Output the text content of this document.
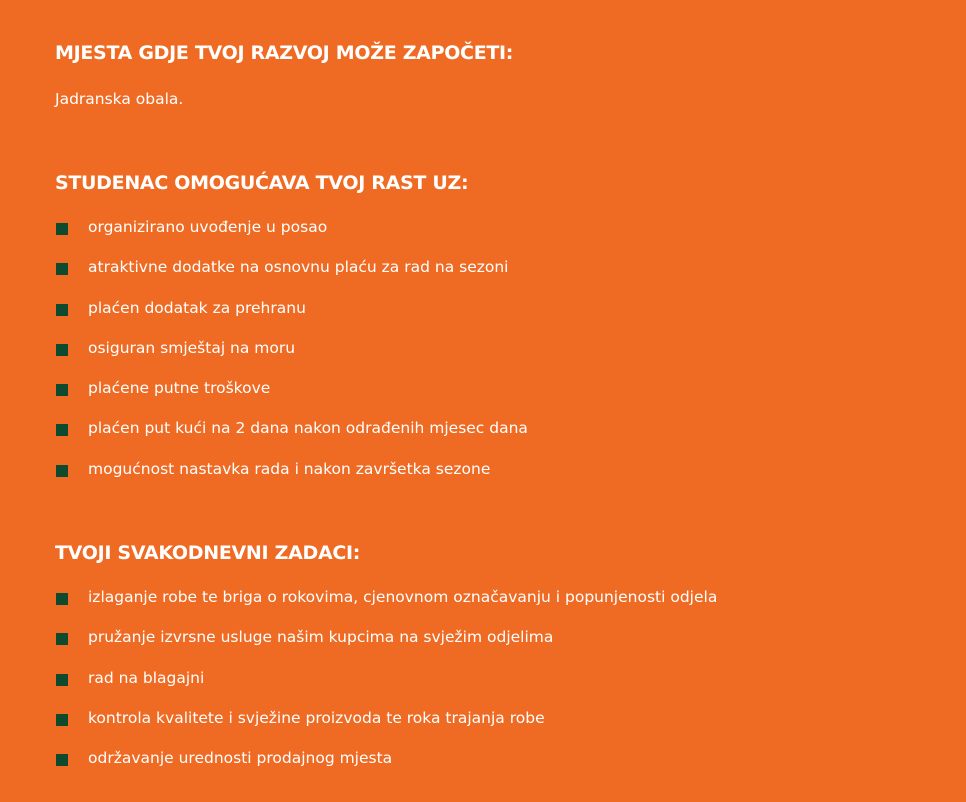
MJESTA GDJE TVOJ RAZVOJ MOŽE ZAPOČETI:

Jadranska obala.

STUDENAC OMOGUĆAVA TVOJ RAST UZ:
organizirano uvođenje u posao
atraktivne dodatke na osnovnu plaću za rad na sezoni
plaćen dodatak za prehranu
osiguran smještaj na moru
plaćene putne troškove
plaćen put kući na 2 dana nakon odrađenih mjesec dana
mogućnost nastavka rada i nakon završetka sezone
TVOJI SVAKODNEVNI ZADACI:
izlaganje robe te briga o rokovima, cjenovnom označavanju i popunjenosti odjela
pružanje izvrsne usluge našim kupcima na svježim odjelima
rad na blagajni
kontrola kvalitete i svježine proizvoda te roka trajanja robe
održavanje urednosti prodajnog mjesta
